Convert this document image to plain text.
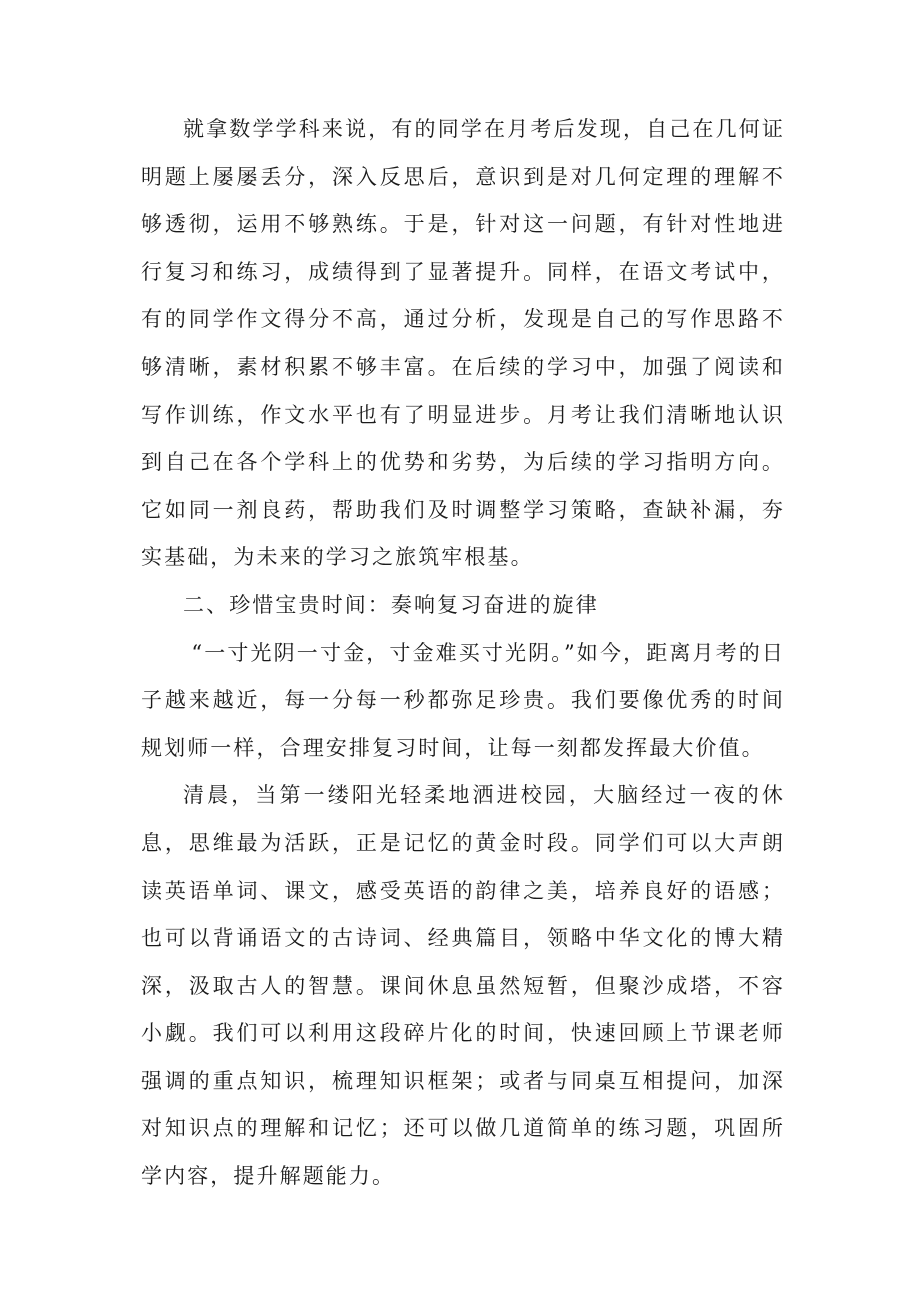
就拿数学学科来说，有的同学在月考后发现，自己在几何证明题上屡屡丢分，深入反思后，意识到是对几何定理的理解不够透彻，运用不够熟练。于是，针对这一问题，有针对性地进行复习和练习，成绩得到了显著提升。同样，在语文考试中，有的同学作文得分不高，通过分析，发现是自己的写作思路不够清晰，素材积累不够丰富。在后续的学习中，加强了阅读和写作训练，作文水平也有了明显进步。月考让我们清晰地认识到自己在各个学科上的优势和劣势，为后续的学习指明方向。它如同一剂良药，帮助我们及时调整学习策略，查缺补漏，夯实基础，为未来的学习之旅筑牢根基。

二、珍惜宝贵时间：奏响复习奋进的旋律

“一寸光阴一寸金，寸金难买寸光阴。”如今，距离月考的日子越来越近，每一分每一秒都弥足珍贵。我们要像优秀的时间规划师一样，合理安排复习时间，让每一刻都发挥最大价值。

清晨，当第一缕阳光轻柔地洒进校园，大脑经过一夜的休息，思维最为活跃，正是记忆的黄金时段。同学们可以大声朗读英语单词、课文，感受英语的韵律之美，培养良好的语感；也可以背诵语文的古诗词、经典篇目，领略中华文化的博大精深，汲取古人的智慧。课间休息虽然短暂，但聚沙成塔，不容小觑。我们可以利用这段碎片化的时间，快速回顾上节课老师强调的重点知识，梳理知识框架；或者与同桌互相提问，加深对知识点的理解和记忆；还可以做几道简单的练习题，巩固所学内容，提升解题能力。
